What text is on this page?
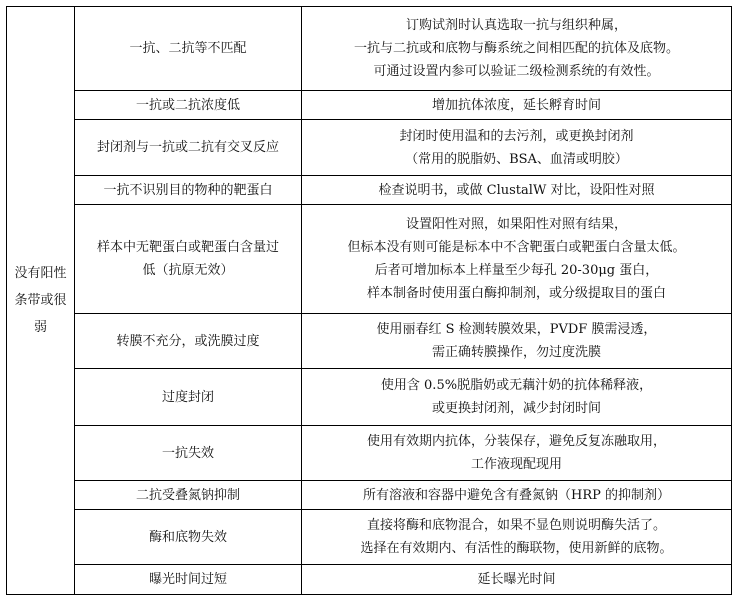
没有阳性
条带或很
弱	一抗、二抗等不匹配	订购试剂时认真选取一抗与组织种属，
一抗与二抗或和底物与酶系统之间相匹配的抗体及底物。
可通过设置内参可以验证二级检测系统的有效性。

	一抗或二抗浓度低	增加抗体浓度，延长孵育时间

	封闭剂与一抗或二抗有交叉反应	封闭时使用温和的去污剂，或更换封闭剂
（常用的脱脂奶、BSA、血清或明胶）

	一抗不识别目的物种的靶蛋白	检查说明书，或做 ClustalW 对比，设阳性对照

	样本中无靶蛋白或靶蛋白含量过
低（抗原无效）	设置阳性对照，如果阳性对照有结果，
但标本没有则可能是标本中不含靶蛋白或靶蛋白含量太低。
后者可增加标本上样量至少每孔 20-30μg 蛋白，
样本制备时使用蛋白酶抑制剂，或分级提取目的蛋白

	转膜不充分，或洗膜过度	使用丽春红 S 检测转膜效果，PVDF 膜需浸透，
需正确转膜操作，勿过度洗膜

	过度封闭	使用含 0.5%脱脂奶或无藕汁奶的抗体稀释液，
或更换封闭剂，减少封闭时间

	一抗失效	使用有效期内抗体，分装保存，避免反复冻融取用，
工作液现配现用

	二抗受叠氮钠抑制	所有溶液和容器中避免含有叠氮钠（HRP 的抑制剂）

	酶和底物失效	直接将酶和底物混合，如果不显色则说明酶失活了。
选择在有效期内、有活性的酶联物，使用新鲜的底物。

	曝光时间过短	延长曝光时间
